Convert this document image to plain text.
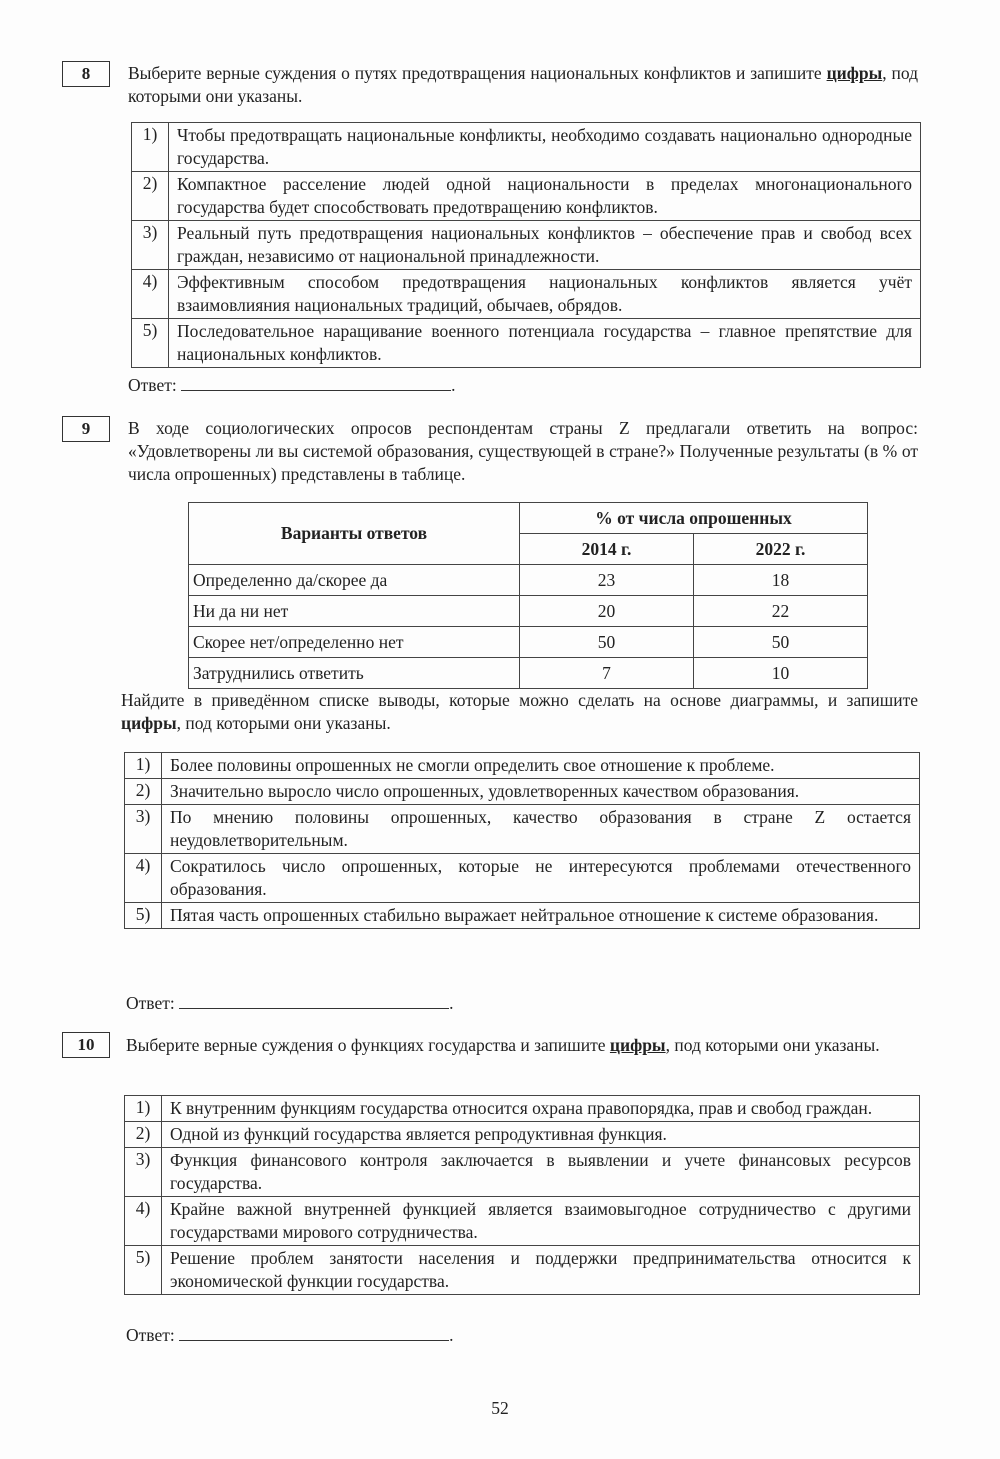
8	Выберите верные суждения о путях предотвращения национальных конфликтов и запишите цифры, под которыми они указаны.
1)	Чтобы предотвращать национальные конфликты, необходимо создавать национально однородные государства.
2)	Компактное расселение людей одной национальности в пределах многонационального государства будет способствовать предотвращению конфликтов.
3)	Реальный путь предотвращения национальных конфликтов – обеспечение прав и свобод всех граждан, независимо от национальной принадлежности.
4)	Эффективным способом предотвращения национальных конфликтов является учёт взаимовлияния национальных традиций, обычаев, обрядов.
5)	Последовательное наращивание военного потенциала государства – главное препятствие для национальных конфликтов.
Ответ:	.
9	В ходе социологических опросов респондентам страны Z предлагали ответить на вопрос: «Удовлетворены ли вы системой образования, существующей в стране?» Полученные результаты (в % от числа опрошенных) представлены в таблице.
Варианты ответов	% от числа опрошенных	
	2014 г.	2022 г.
Определенно да/скорее да	23	18
Ни да ни нет	20	22
Скорее нет/определенно нет	50	50
Затруднились ответить	7	10
Найдите в приведённом списке выводы, которые можно сделать на основе диаграммы, и запишите цифры, под которыми они указаны.
1)	Более половины опрошенных не смогли определить свое отношение к проблеме.
2)	Значительно выросло число опрошенных, удовлетворенных качеством образования.
3)	По мнению половины опрошенных, качество образования в стране Z остается неудовлетворительным.
4)	Сократилось число опрошенных, которые не интересуются проблемами отечественного образования.
5)	Пятая часть опрошенных стабильно выражает нейтральное отношение к системе образования.
Ответ:	.
10	Выберите верные суждения о функциях государства и запишите цифры, под которыми они указаны.
1)	К внутренним функциям государства относится охрана правопорядка, прав и свобод граждан.
2)	Одной из функций государства является репродуктивная функция.
3)	Функция финансового контроля заключается в выявлении и учете финансовых ресурсов государства.
4)	Крайне важной внутренней функцией является взаимовыгодное сотрудничество с другими государствами мирового сотрудничества.
5)	Решение проблем занятости населения и поддержки предпринимательства относится к экономической функции государства.
Ответ:	.
52
